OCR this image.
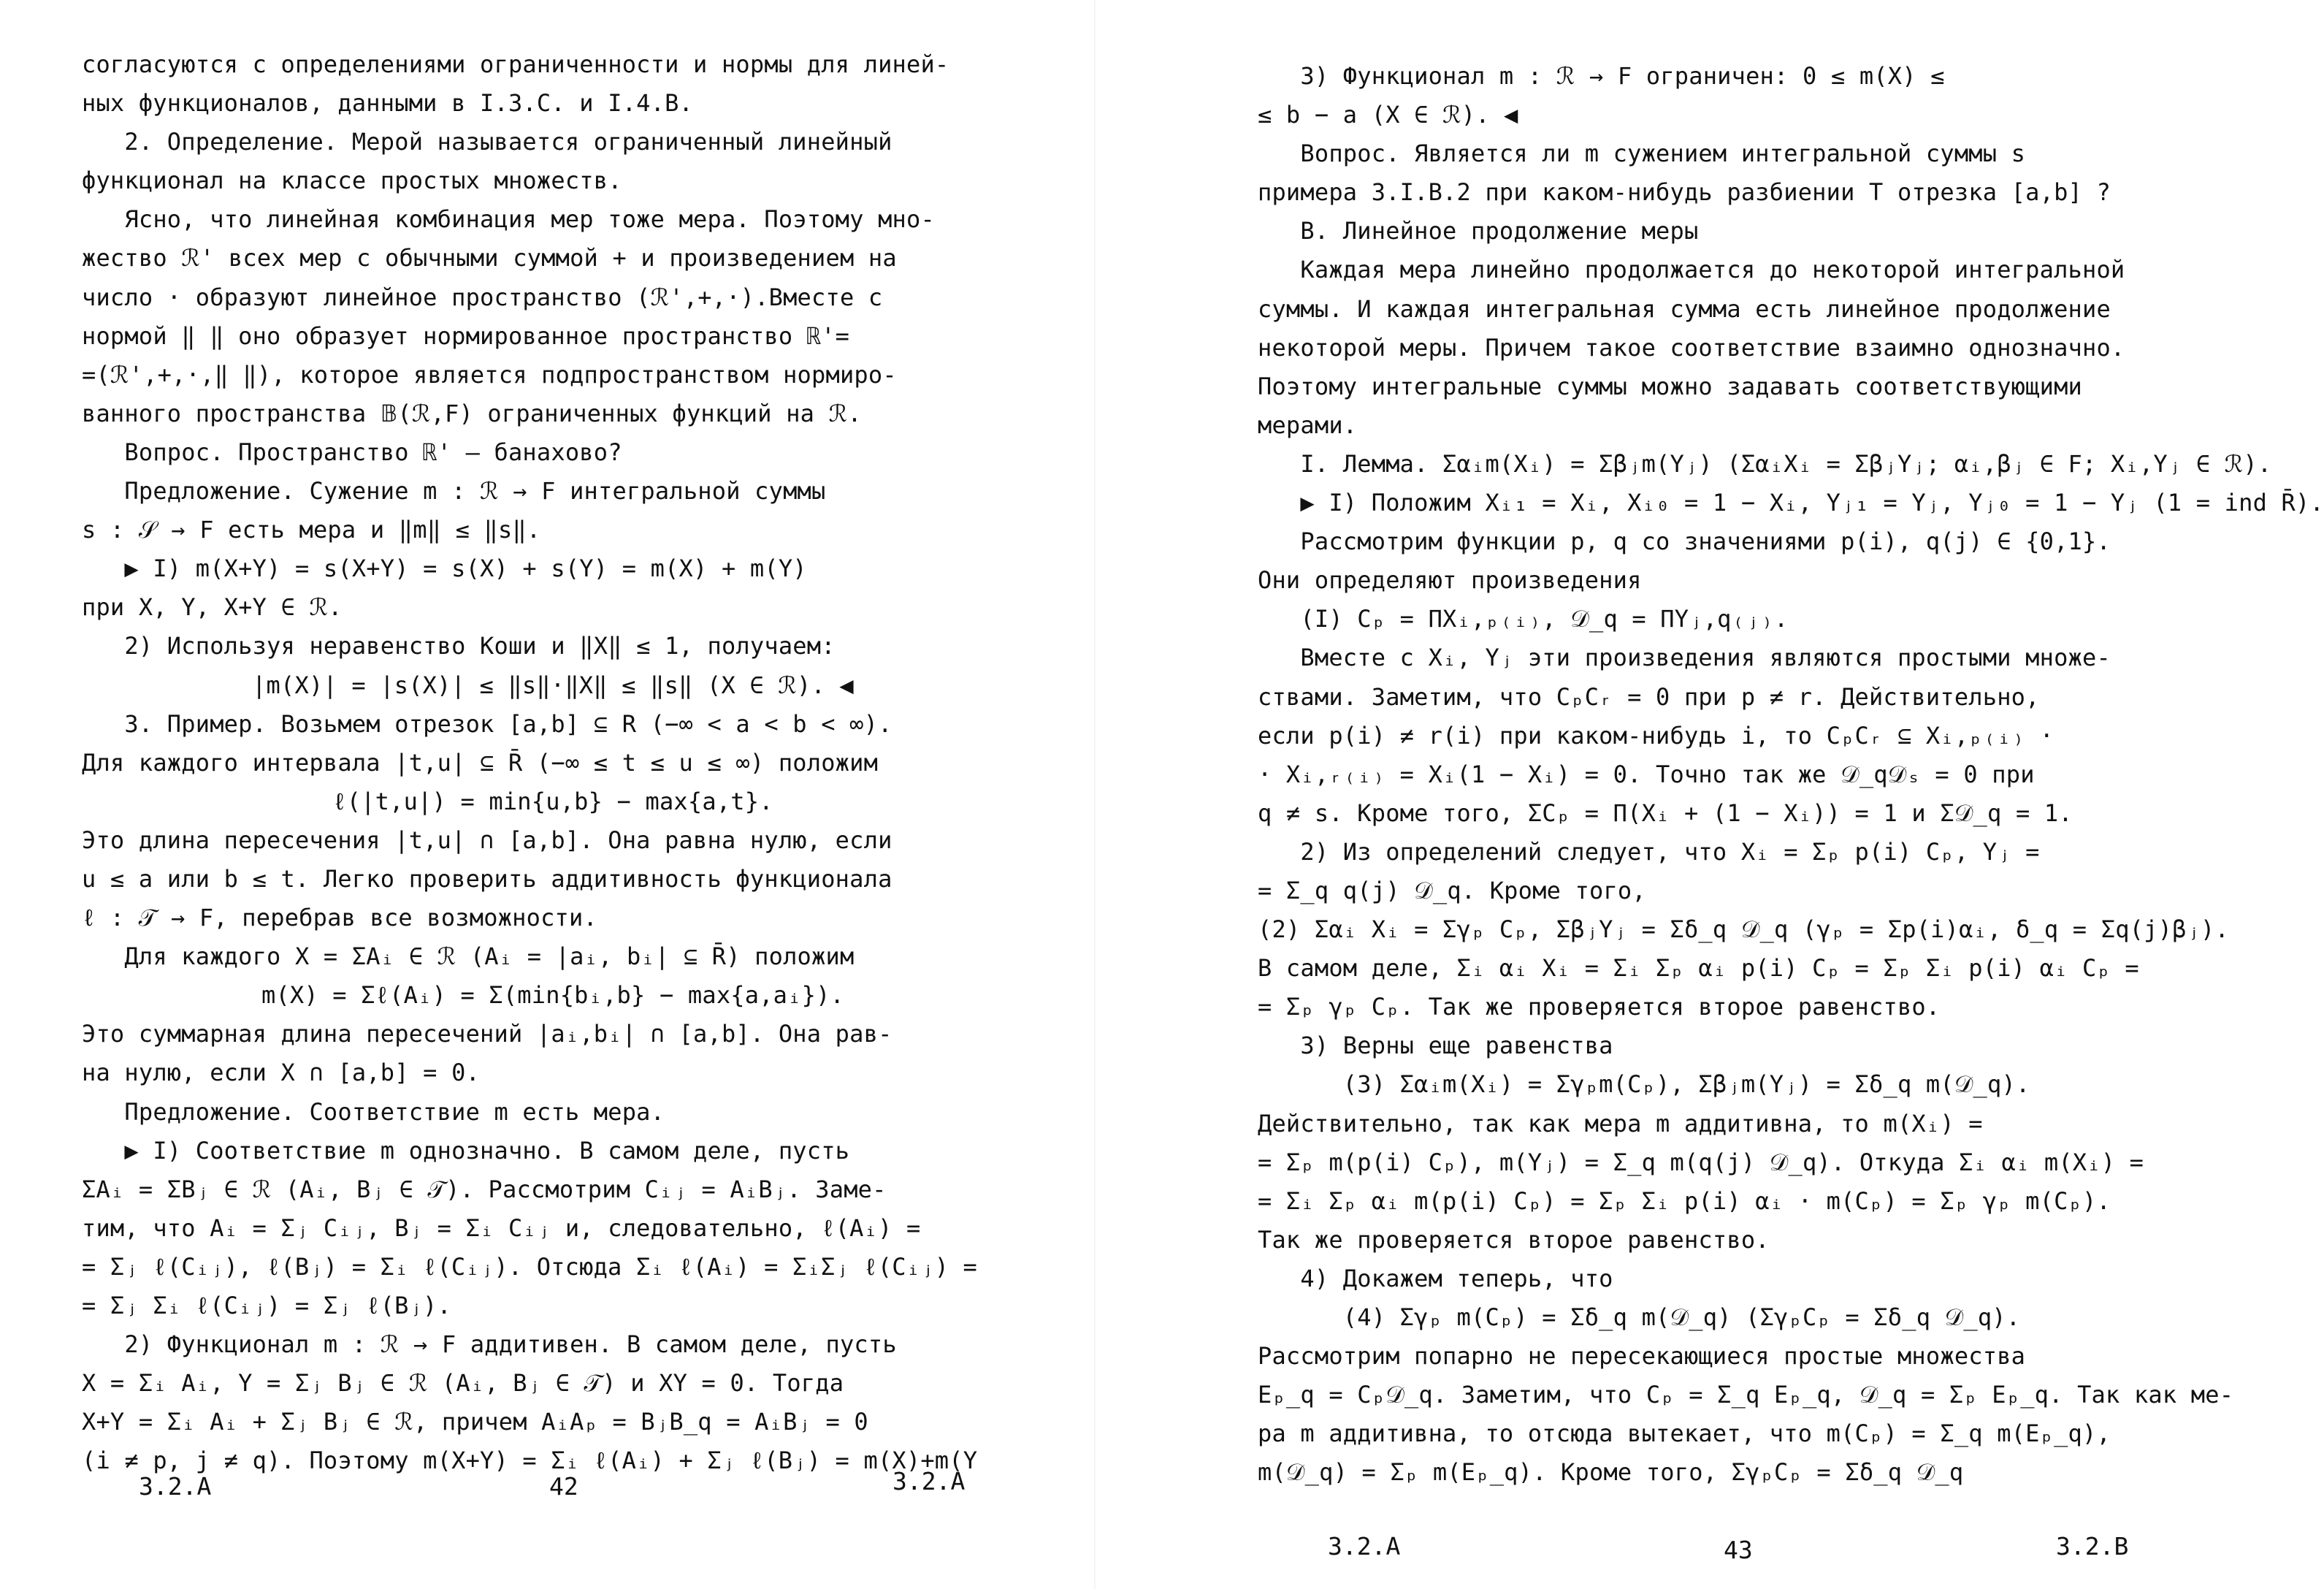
согласуются с определениями ограниченности и нормы для линей-
ных функционалов, данными в I.3.C. и I.4.B.
2. Определение. Мерой называется ограниченный линейный
функционал на классе простых множеств.
Ясно, что линейная комбинация мер тоже мера. Поэтому мно-
жество ℛ' всех мер с обычными суммой + и произведением на
число · образуют линейное пространство (ℛ',+,·).Вместе с
нормой ‖ ‖ оно образует нормированное пространство ℝ'=
=(ℛ',+,·,‖ ‖), которое является подпространством нормиро-
ванного пространства 𝔹(ℛ,F) ограниченных функций на ℛ.
Вопрос. Пространство ℝ' – банахово?
Предложение. Сужение m : ℛ → F интегральной суммы
s : 𝒮 → F есть мера и ‖m‖ ≤ ‖s‖.
▶ I) m(X+Y) = s(X+Y) = s(X) + s(Y) = m(X) + m(Y)
при X, Y, X+Y ∈ ℛ.
2) Используя неравенство Коши и ‖X‖ ≤ 1, получаем:
|m(X)| = |s(X)| ≤ ‖s‖·‖X‖ ≤ ‖s‖ (X ∈ ℛ). ◀
3. Пример. Возьмем отрезок [a,b] ⊆ R (−∞ < a < b < ∞).
Для каждого интервала |t,u| ⊆ R̄ (−∞ ≤ t ≤ u ≤ ∞) положим
ℓ(|t,u|) = min{u,b} − max{a,t}.
Это длина пересечения |t,u| ∩ [a,b]. Она равна нулю, если
u ≤ a или b ≤ t. Легко проверить аддитивность функционала
ℓ : 𝒯 → F, перебрав все возможности.
Для каждого X = ΣAᵢ ∈ ℛ (Aᵢ = |aᵢ, bᵢ| ⊆ R̄) положим
m(X) = Σℓ(Aᵢ) = Σ(min{bᵢ,b} − max{a,aᵢ}).
Это суммарная длина пересечений |aᵢ,bᵢ| ∩ [a,b]. Она рав-
на нулю, если X ∩ [a,b] = 0.
Предложение. Соответствие m есть мера.
▶ I) Соответствие m однозначно. В самом деле, пусть
ΣAᵢ = ΣBⱼ ∈ ℛ (Aᵢ, Bⱼ ∈ 𝒯). Рассмотрим Cᵢⱼ = AᵢBⱼ. Заме-
тим, что Aᵢ = Σⱼ Cᵢⱼ, Bⱼ = Σᵢ Cᵢⱼ и, следовательно, ℓ(Aᵢ) =
= Σⱼ ℓ(Cᵢⱼ), ℓ(Bⱼ) = Σᵢ ℓ(Cᵢⱼ). Отсюда Σᵢ ℓ(Aᵢ) = ΣᵢΣⱼ ℓ(Cᵢⱼ) =
= Σⱼ Σᵢ ℓ(Cᵢⱼ) = Σⱼ ℓ(Bⱼ).
2) Функционал m : ℛ → F аддитивен. В самом деле, пусть
X = Σᵢ Aᵢ, Y = Σⱼ Bⱼ ∈ ℛ (Aᵢ, Bⱼ ∈ 𝒯) и XY = 0. Тогда
X+Y = Σᵢ Aᵢ + Σⱼ Bⱼ ∈ ℛ, причем AᵢAₚ = BⱼB_q = AᵢBⱼ = 0
(i ≠ p, j ≠ q). Поэтому m(X+Y) = Σᵢ ℓ(Aᵢ) + Σⱼ ℓ(Bⱼ) = m(X)+m(Y
3.2.A	42	3.2.A
3) Функционал m : ℛ → F ограничен: 0 ≤ m(X) ≤
≤ b − a (X ∈ ℛ). ◀
Вопрос. Является ли m сужением интегральной суммы s
примера 3.I.B.2 при каком-нибудь разбиении T отрезка [a,b] ?
B. Линейное продолжение меры
Каждая мера линейно продолжается до некоторой интегральной
суммы. И каждая интегральная сумма есть линейное продолжение
некоторой меры. Причем такое соответствие взаимно однозначно.
Поэтому интегральные суммы можно задавать соответствующими
мерами.
I. Лемма. Σαᵢm(Xᵢ) = Σβⱼm(Yⱼ) (ΣαᵢXᵢ = ΣβⱼYⱼ; αᵢ,βⱼ ∈ F; Xᵢ,Yⱼ ∈ ℛ).
▶ I) Положим Xᵢ₁ = Xᵢ, Xᵢ₀ = 1 − Xᵢ, Yⱼ₁ = Yⱼ, Yⱼ₀ = 1 − Yⱼ (1 = ind R̄).
Рассмотрим функции p, q со значениями p(i), q(j) ∈ {0,1}.
Они определяют произведения
(I) Cₚ = ΠXᵢ,ₚ₍ᵢ₎, 𝒟_q = ΠYⱼ,q₍ⱼ₎.
Вместе с Xᵢ, Yⱼ эти произведения являются простыми множе-
ствами. Заметим, что CₚCᵣ = 0 при p ≠ r. Действительно,
если p(i) ≠ r(i) при каком-нибудь i, то CₚCᵣ ⊆ Xᵢ,ₚ₍ᵢ₎ ·
· Xᵢ,ᵣ₍ᵢ₎ = Xᵢ(1 − Xᵢ) = 0. Точно так же 𝒟_q𝒟ₛ = 0 при
q ≠ s. Кроме того, ΣCₚ = Π(Xᵢ + (1 − Xᵢ)) = 1 и Σ𝒟_q = 1.
2) Из определений следует, что Xᵢ = Σₚ p(i) Cₚ, Yⱼ =
= Σ_q q(j) 𝒟_q. Кроме того,
(2) Σαᵢ Xᵢ = Σγₚ Cₚ, ΣβⱼYⱼ = Σδ_q 𝒟_q (γₚ = Σp(i)αᵢ, δ_q = Σq(j)βⱼ).
В самом деле, Σᵢ αᵢ Xᵢ = Σᵢ Σₚ αᵢ p(i) Cₚ = Σₚ Σᵢ p(i) αᵢ Cₚ =
= Σₚ γₚ Cₚ. Так же проверяется второе равенство.
3) Верны еще равенства
(3) Σαᵢm(Xᵢ) = Σγₚm(Cₚ), Σβⱼm(Yⱼ) = Σδ_q m(𝒟_q).
Действительно, так как мера m аддитивна, то m(Xᵢ) =
= Σₚ m(p(i) Cₚ), m(Yⱼ) = Σ_q m(q(j) 𝒟_q). Откуда Σᵢ αᵢ m(Xᵢ) =
= Σᵢ Σₚ αᵢ m(p(i) Cₚ) = Σₚ Σᵢ p(i) αᵢ · m(Cₚ) = Σₚ γₚ m(Cₚ).
Так же проверяется второе равенство.
4) Докажем теперь, что
(4) Σγₚ m(Cₚ) = Σδ_q m(𝒟_q) (ΣγₚCₚ = Σδ_q 𝒟_q).
Рассмотрим попарно не пересекающиеся простые множества
Eₚ_q = Cₚ𝒟_q. Заметим, что Cₚ = Σ_q Eₚ_q, 𝒟_q = Σₚ Eₚ_q. Так как ме-
ра m аддитивна, то отсюда вытекает, что m(Cₚ) = Σ_q m(Eₚ_q),
m(𝒟_q) = Σₚ m(Eₚ_q). Кроме того, ΣγₚCₚ = Σδ_q 𝒟_q
3.2.A	43	3.2.B
